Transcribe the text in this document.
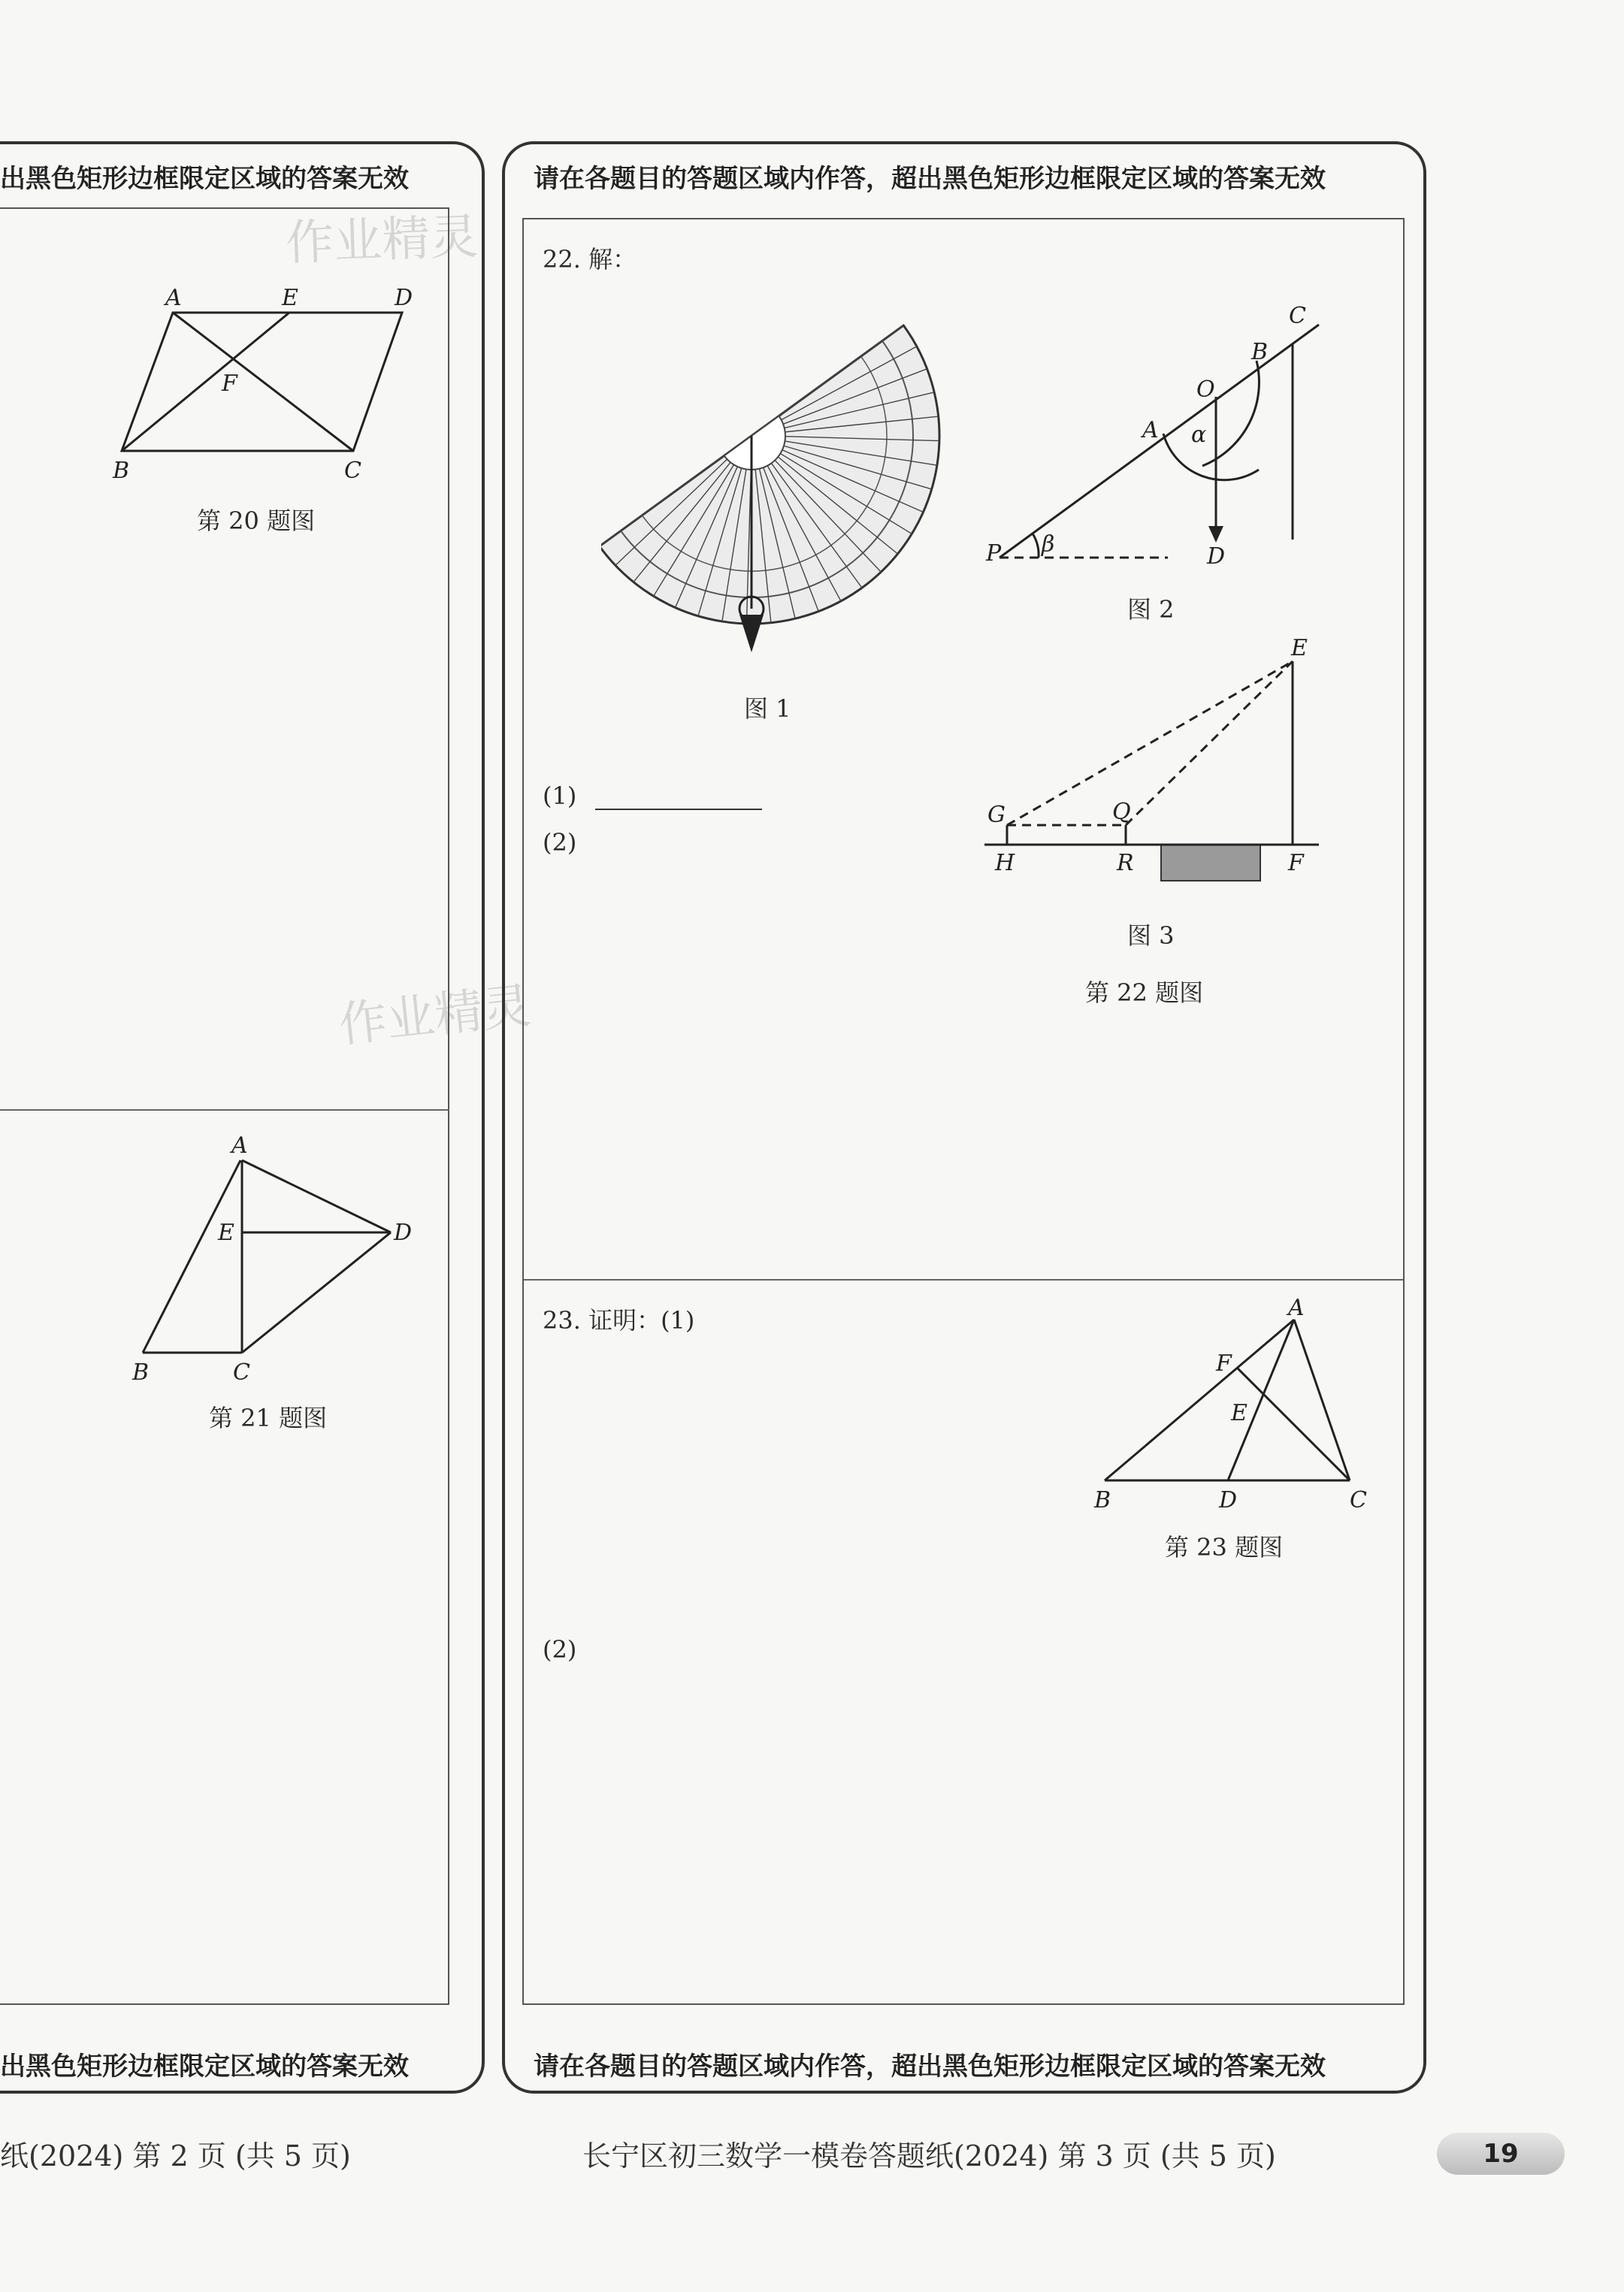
作业精灵
作业精灵
出黑色矩形边框限定区域的答案无效
A	E	D
F
B	C
第 20 题图
A
E	D
B	C
第 21 题图
出黑色矩形边框限定区域的答案无效
纸(2024) 第 2 页 (共 5 页)
请在各题目的答题区域内作答，超出黑色矩形边框限定区域的答案无效
22. 解：
图 1
C
B
O
A α
P β	D
图 2
E
G	Q
H	R	F
图 3
第 22 题图
(1)
(2)
23. 证明：(1)	A
F
E
B	D	C
第 23 题图
(2)
请在各题目的答题区域内作答，超出黑色矩形边框限定区域的答案无效
长宁区初三数学一模卷答题纸(2024) 第 3 页 (共 5 页)	19
